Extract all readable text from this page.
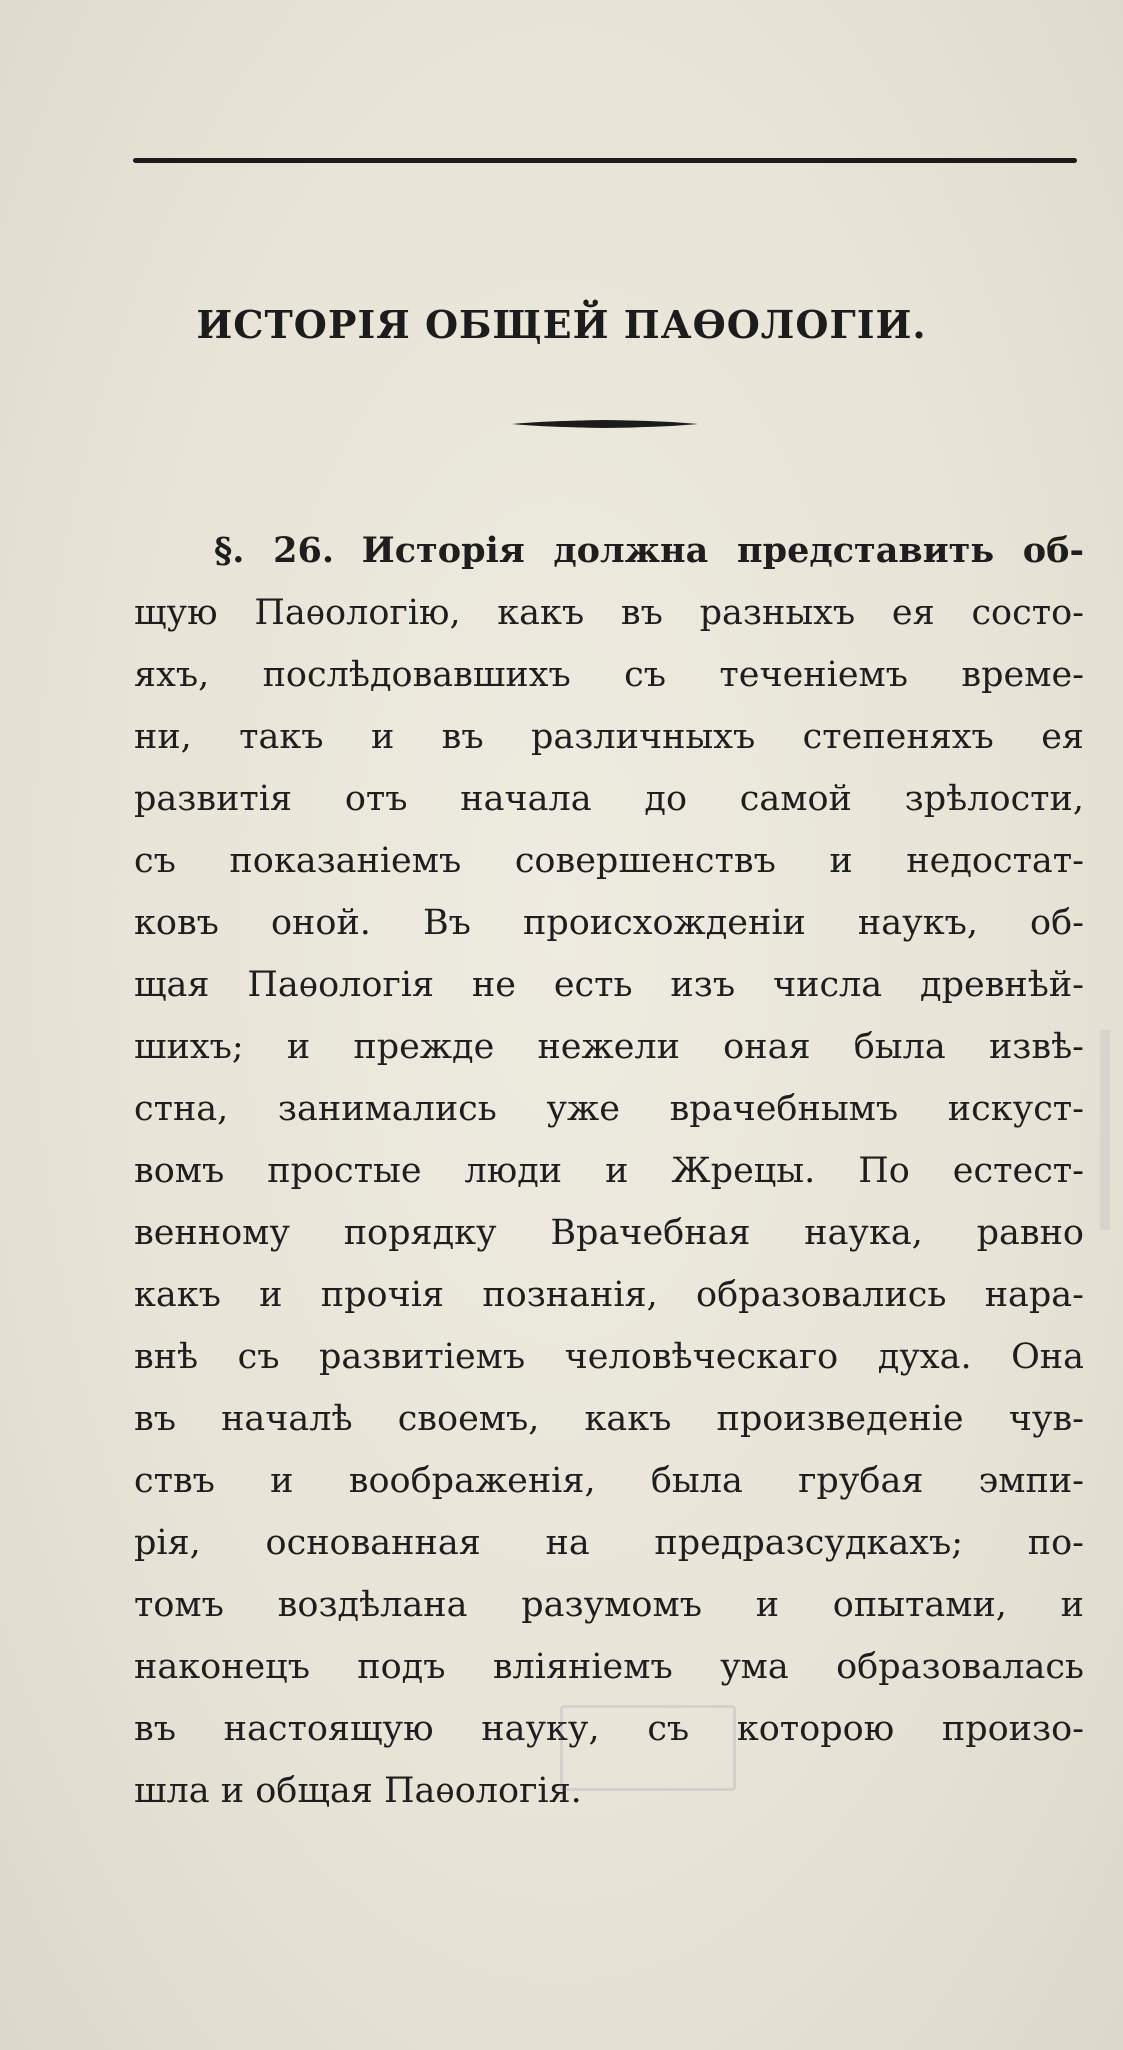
ИСТОРІЯ ОБЩЕЙ ПАѲОЛОГІИ.
§. 26. Исторія должна представить об-
щую Паѳологію, какъ въ разныхъ ея состо-
яхъ, послѣдовавшихъ съ теченіемъ време-
ни, такъ и въ различныхъ степеняхъ ея
развитія отъ начала до самой зрѣлости,
съ показаніемъ совершенствъ и недостат-
ковъ оной. Въ происхожденіи наукъ, об-
щая Паѳологія не есть изъ числа древнѣй-
шихъ; и прежде нежели оная была извѣ-
стна, занимались уже врачебнымъ искуст-
вомъ простые люди и Жрецы. По естест-
венному порядку Врачебная наука, равно
какъ и прочія познанія, образовались нара-
внѣ съ развитіемъ человѣческаго духа. Она
въ началѣ своемъ, какъ произведеніе чув-
ствъ и воображенія, была грубая эмпи-
рія, основанная на предразсудкахъ; по-
томъ воздѣлана разумомъ и опытами, и
наконецъ подъ вліяніемъ ума образовалась
въ настоящую науку, съ которою произо-
шла и общая Паѳологія.
